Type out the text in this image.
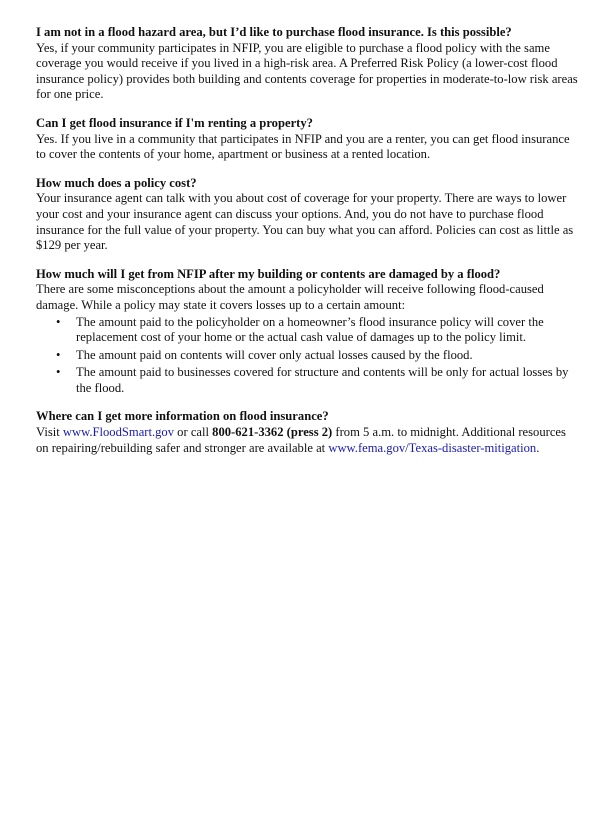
I am not in a flood hazard area, but I’d like to purchase flood insurance. Is this possible?

Yes, if your community participates in NFIP, you are eligible to purchase a flood policy with the same coverage you would receive if you lived in a high-risk area. A Preferred Risk Policy (a lower-cost flood insurance policy) provides both building and contents coverage for properties in moderate-to-low risk areas for one price.

Can I get flood insurance if I'm renting a property?

Yes. If you live in a community that participates in NFIP and you are a renter, you can get flood insurance to cover the contents of your home, apartment or business at a rented location.

How much does a policy cost?

Your insurance agent can talk with you about cost of coverage for your property. There are ways to lower your cost and your insurance agent can discuss your options. And, you do not have to purchase flood insurance for the full value of your property. You can buy what you can afford. Policies can cost as little as $129 per year.

How much will I get from NFIP after my building or contents are damaged by a flood?

There are some misconceptions about the amount a policyholder will receive following flood-caused damage. While a policy may state it covers losses up to a certain amount:

• The amount paid to the policyholder on a homeowner’s flood insurance policy will cover the replacement cost of your home or the actual cash value of damages up to the policy limit.
• The amount paid on contents will cover only actual losses caused by the flood.
• The amount paid to businesses covered for structure and contents will be only for actual losses by the flood.

Where can I get more information on flood insurance?

Visit www.FloodSmart.gov or call 800-621-3362 (press 2) from 5 a.m. to midnight. Additional resources on repairing/rebuilding safer and stronger are available at www.fema.gov/Texas-disaster-mitigation.
